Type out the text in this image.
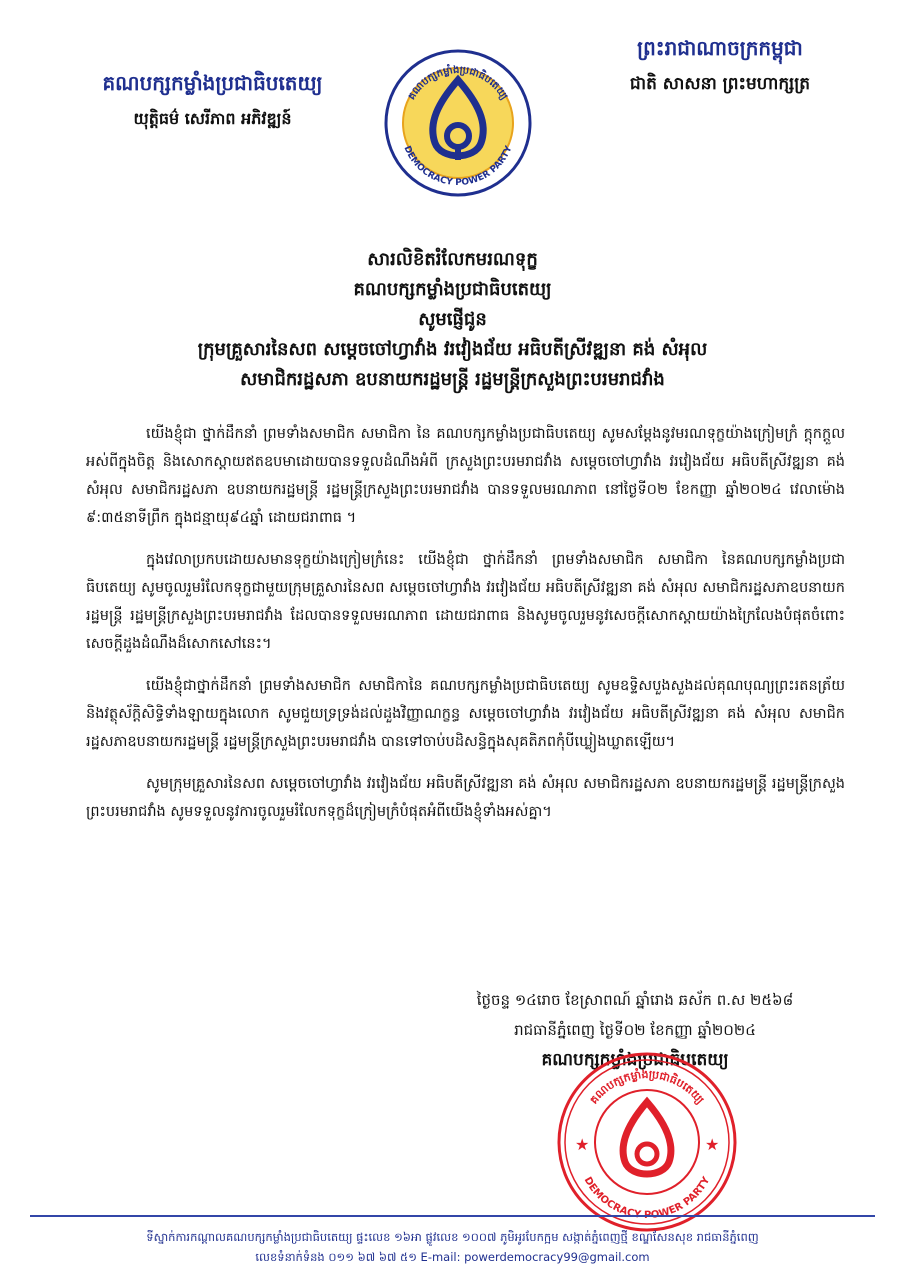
គណបក្សកម្លាំងប្រជាធិបតេយ្យ
យុត្តិធម៌ សេរីភាព អភិវឌ្ឍន៍
គណបក្សកម្លាំងប្រជាធិបតេយ្យ
DEMOCRACY POWER PARTY
ព្រះរាជាណាចក្រកម្ពុជា
ជាតិ សាសនា ព្រះមហាក្សត្រ
សារលិខិតរំលែកមរណទុក្ខ
គណបក្សកម្លាំងប្រជាធិបតេយ្យ
សូមផ្ញើជូន
ក្រុមគ្រួសារនៃសព សម្តេចចៅហ្វាវាំង វរវៀងជ័យ អធិបតីស្រីវឌ្ឍនា គង់ សំអុល
សមាជិករដ្ឋសភា ឧបនាយករដ្ឋមន្ត្រី រដ្ឋមន្ត្រីក្រសួងព្រះបរមរាជវាំង

យើងខ្ញុំជា ថ្នាក់ដឹកនាំ ព្រមទាំងសមាជិក សមាជិកា នៃ គណបក្សកម្លាំងប្រជាធិបតេយ្យ សូមសម្តែងនូវមរណទុក្ខយ៉ាងក្រៀមក្រំ ក្តុកក្តួលអស់ពីក្នុងចិត្ត និងសោកស្តាយឥតឧបមាដោយបានទទួលដំណឹងអំពី ក្រសួងព្រះបរមរាជវាំង សម្តេចចៅហ្វាវាំង វរវៀងជ័យ អធិបតីស្រីវឌ្ឍនា គង់ សំអុល សមាជិករដ្ឋសភា ឧបនាយករដ្ឋមន្ត្រី រដ្ឋមន្ត្រីក្រសួងព្រះបរមរាជវាំង បានទទួលមរណភាព នៅថ្ងៃទី០២ ខែកញ្ញា ឆ្នាំ២០២៤ វេលាម៉ោង ៩:៣៥នាទីព្រឹក ក្នុងជន្មាយុ៩៤ឆ្នាំ ដោយជរាពាធ ។

ក្នុងវេលាប្រកបដោយសមានទុក្ខយ៉ាងក្រៀមក្រំនេះ យើងខ្ញុំជា ថ្នាក់ដឹកនាំ ព្រមទាំងសមាជិក សមាជិកា នៃគណបក្សកម្លាំងប្រជាធិបតេយ្យ សូមចូលរួមរំលែកទុក្ខជាមួយក្រុមគ្រួសារនៃសព សម្តេចចៅហ្វាវាំង វរវៀងជ័យ អធិបតីស្រីវឌ្ឍនា គង់ សំអុល សមាជិករដ្ឋសភាឧបនាយករដ្ឋមន្ត្រី រដ្ឋមន្ត្រីក្រសួងព្រះបរមរាជវាំង ដែលបានទទួលមរណភាព ដោយជរាពាធ និងសូមចូលរួមនូវសេចក្តីសោកស្តាយយ៉ាងក្រៃលែងបំផុតចំពោះសេចក្តីដួងដំណឹងដ៏សោកសៅនេះ។

យើងខ្ញុំជាថ្នាក់ដឹកនាំ ព្រមទាំងសមាជិក សមាជិកានៃ គណបក្សកម្លាំងប្រជាធិបតេយ្យ សូមឧទ្ទិសបួងសួងដល់គុណបុណ្យព្រះរតនត្រ័យ និងវត្ថុស័ក្តិសិទ្ធិទាំងឡាយក្នុងលោក សូមជួយទ្រទ្រង់ដល់ដួងវិញ្ញាណក្ខន្ធ សម្តេចចៅហ្វាវាំង វរវៀងជ័យ អធិបតីស្រីវឌ្ឍនា គង់ សំអុល សមាជិករដ្ឋសភាឧបនាយករដ្ឋមន្ត្រី រដ្ឋមន្ត្រីក្រសួងព្រះបរមរាជវាំង បានទៅចាប់បដិសន្ធិក្នុងសុគតិភពកុំបីឃ្លៀងឃ្លាតឡើយ។

សូមក្រុមគ្រួសារនៃសព សម្តេចចៅហ្វាវាំង វរវៀងជ័យ អធិបតីស្រីវឌ្ឍនា គង់ សំអុល សមាជិករដ្ឋសភា ឧបនាយករដ្ឋមន្ត្រី រដ្ឋមន្ត្រីក្រសួងព្រះបរមរាជវាំង សូមទទួលនូវការចូលរួមរំលែកទុក្ខដ៏ក្រៀមក្រំបំផុតអំពីយើងខ្ញុំទាំងអស់គ្នា។

ថ្ងៃចន្ទ ១៤រោច ខែស្រាពណ៍ ឆ្នាំរោង ឆស័ក ព.ស ២៥៦៨
រាជធានីភ្នំពេញ ថ្ងៃទី០២ ខែកញ្ញា ឆ្នាំ២០២៤
គណបក្សកម្លាំងប្រជាធិបតេយ្យ
គណបក្សកម្លាំងប្រជាធិបតេយ្យ
DEMOCRACY POWER PARTY
★	★
ទីស្នាក់ការកណ្តាលគណបក្សកម្លាំងប្រជាធិបតេយ្យ ផ្ទះលេខ ១៦អា ផ្លូវលេខ ១០០៧ ភូមិអូរបែកក្អម សង្កាត់ភ្នំពេញថ្មី ខណ្ឌសែនសុខ រាជធានីភ្នំពេញ
លេខទំនាក់ទំនង ០១១ ៦៧ ៦៧ ៥១ E-mail: powerdemocracy99@gmail.com
